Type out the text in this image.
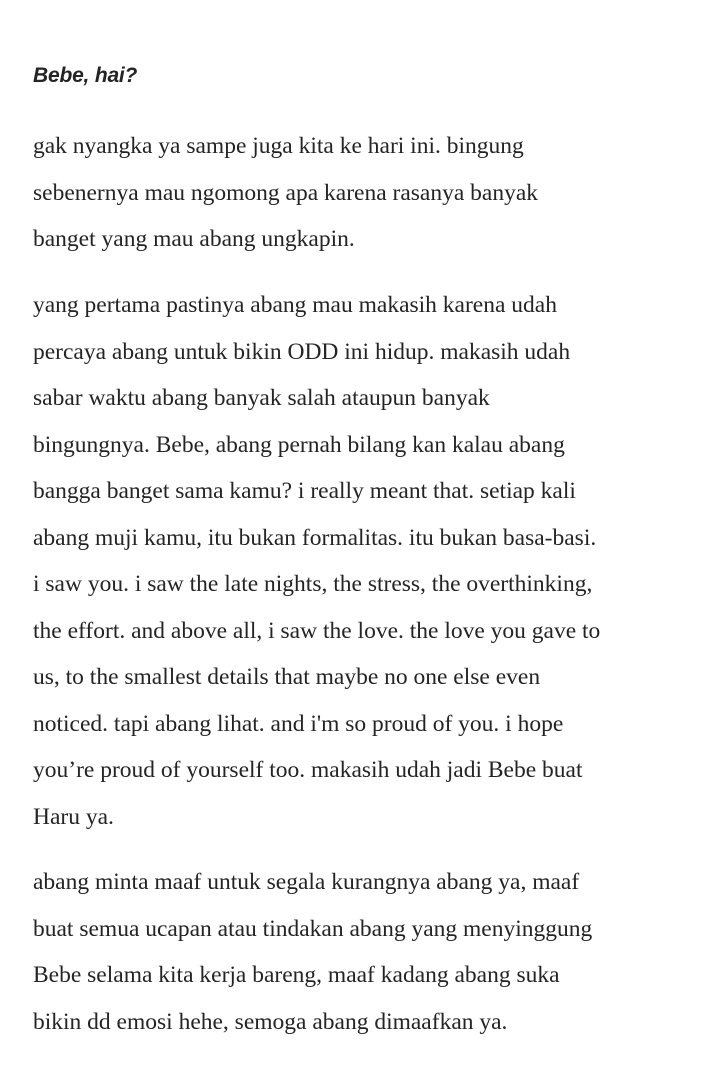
Bebe, hai?

gak nyangka ya sampe juga kita ke hari ini. bingung
sebenernya mau ngomong apa karena rasanya banyak
banget yang mau abang ungkapin.

yang pertama pastinya abang mau makasih karena udah
percaya abang untuk bikin ODD ini hidup. makasih udah
sabar waktu abang banyak salah ataupun banyak
bingungnya. Bebe, abang pernah bilang kan kalau abang
bangga banget sama kamu? i really meant that. setiap kali
abang muji kamu, itu bukan formalitas. itu bukan basa-basi.
i saw you. i saw the late nights, the stress, the overthinking,
the effort. and above all, i saw the love. the love you gave to
us, to the smallest details that maybe no one else even
noticed. tapi abang lihat. and i'm so proud of you. i hope
you’re proud of yourself too. makasih udah jadi Bebe buat
Haru ya.

abang minta maaf untuk segala kurangnya abang ya, maaf
buat semua ucapan atau tindakan abang yang menyinggung
Bebe selama kita kerja bareng, maaf kadang abang suka
bikin dd emosi hehe, semoga abang dimaafkan ya.
